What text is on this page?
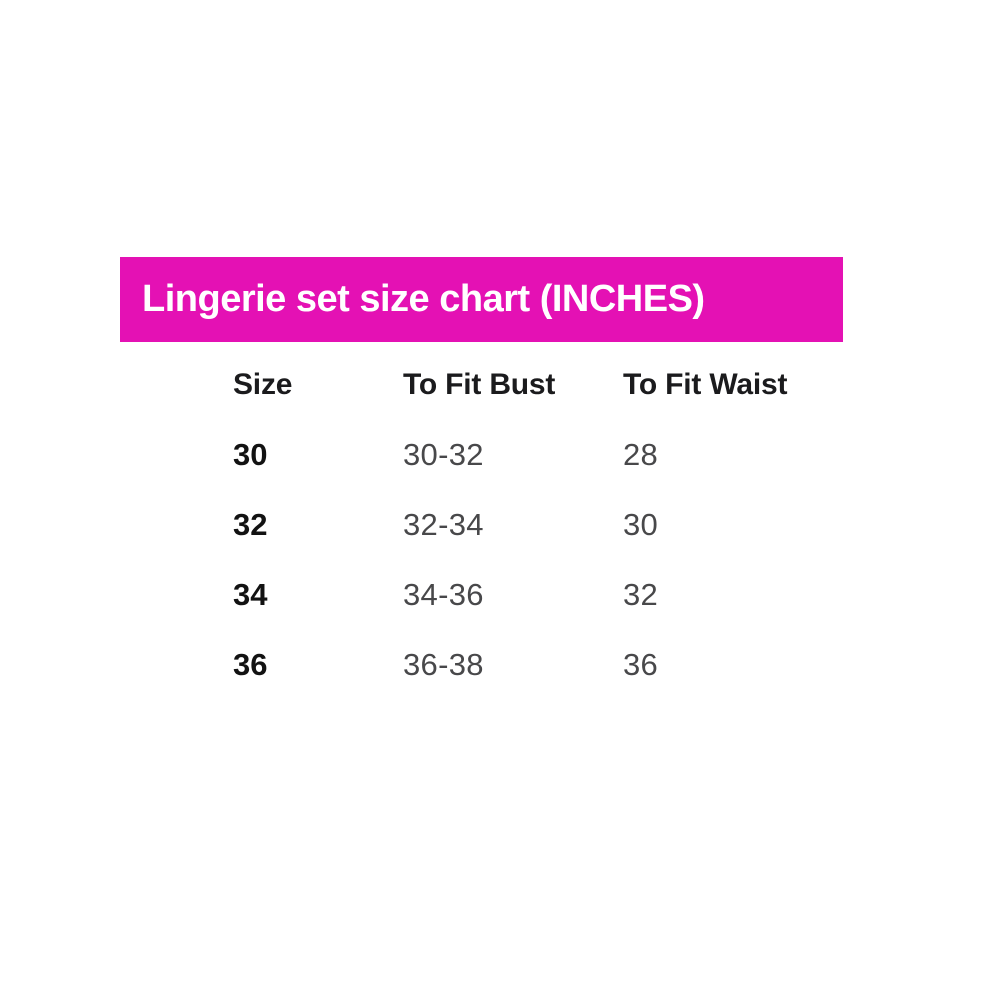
Lingerie set size chart (INCHES)
Size	To Fit Bust	To Fit Waist
30	30-32	28
32	32-34	30
34	34-36	32
36	36-38	36
